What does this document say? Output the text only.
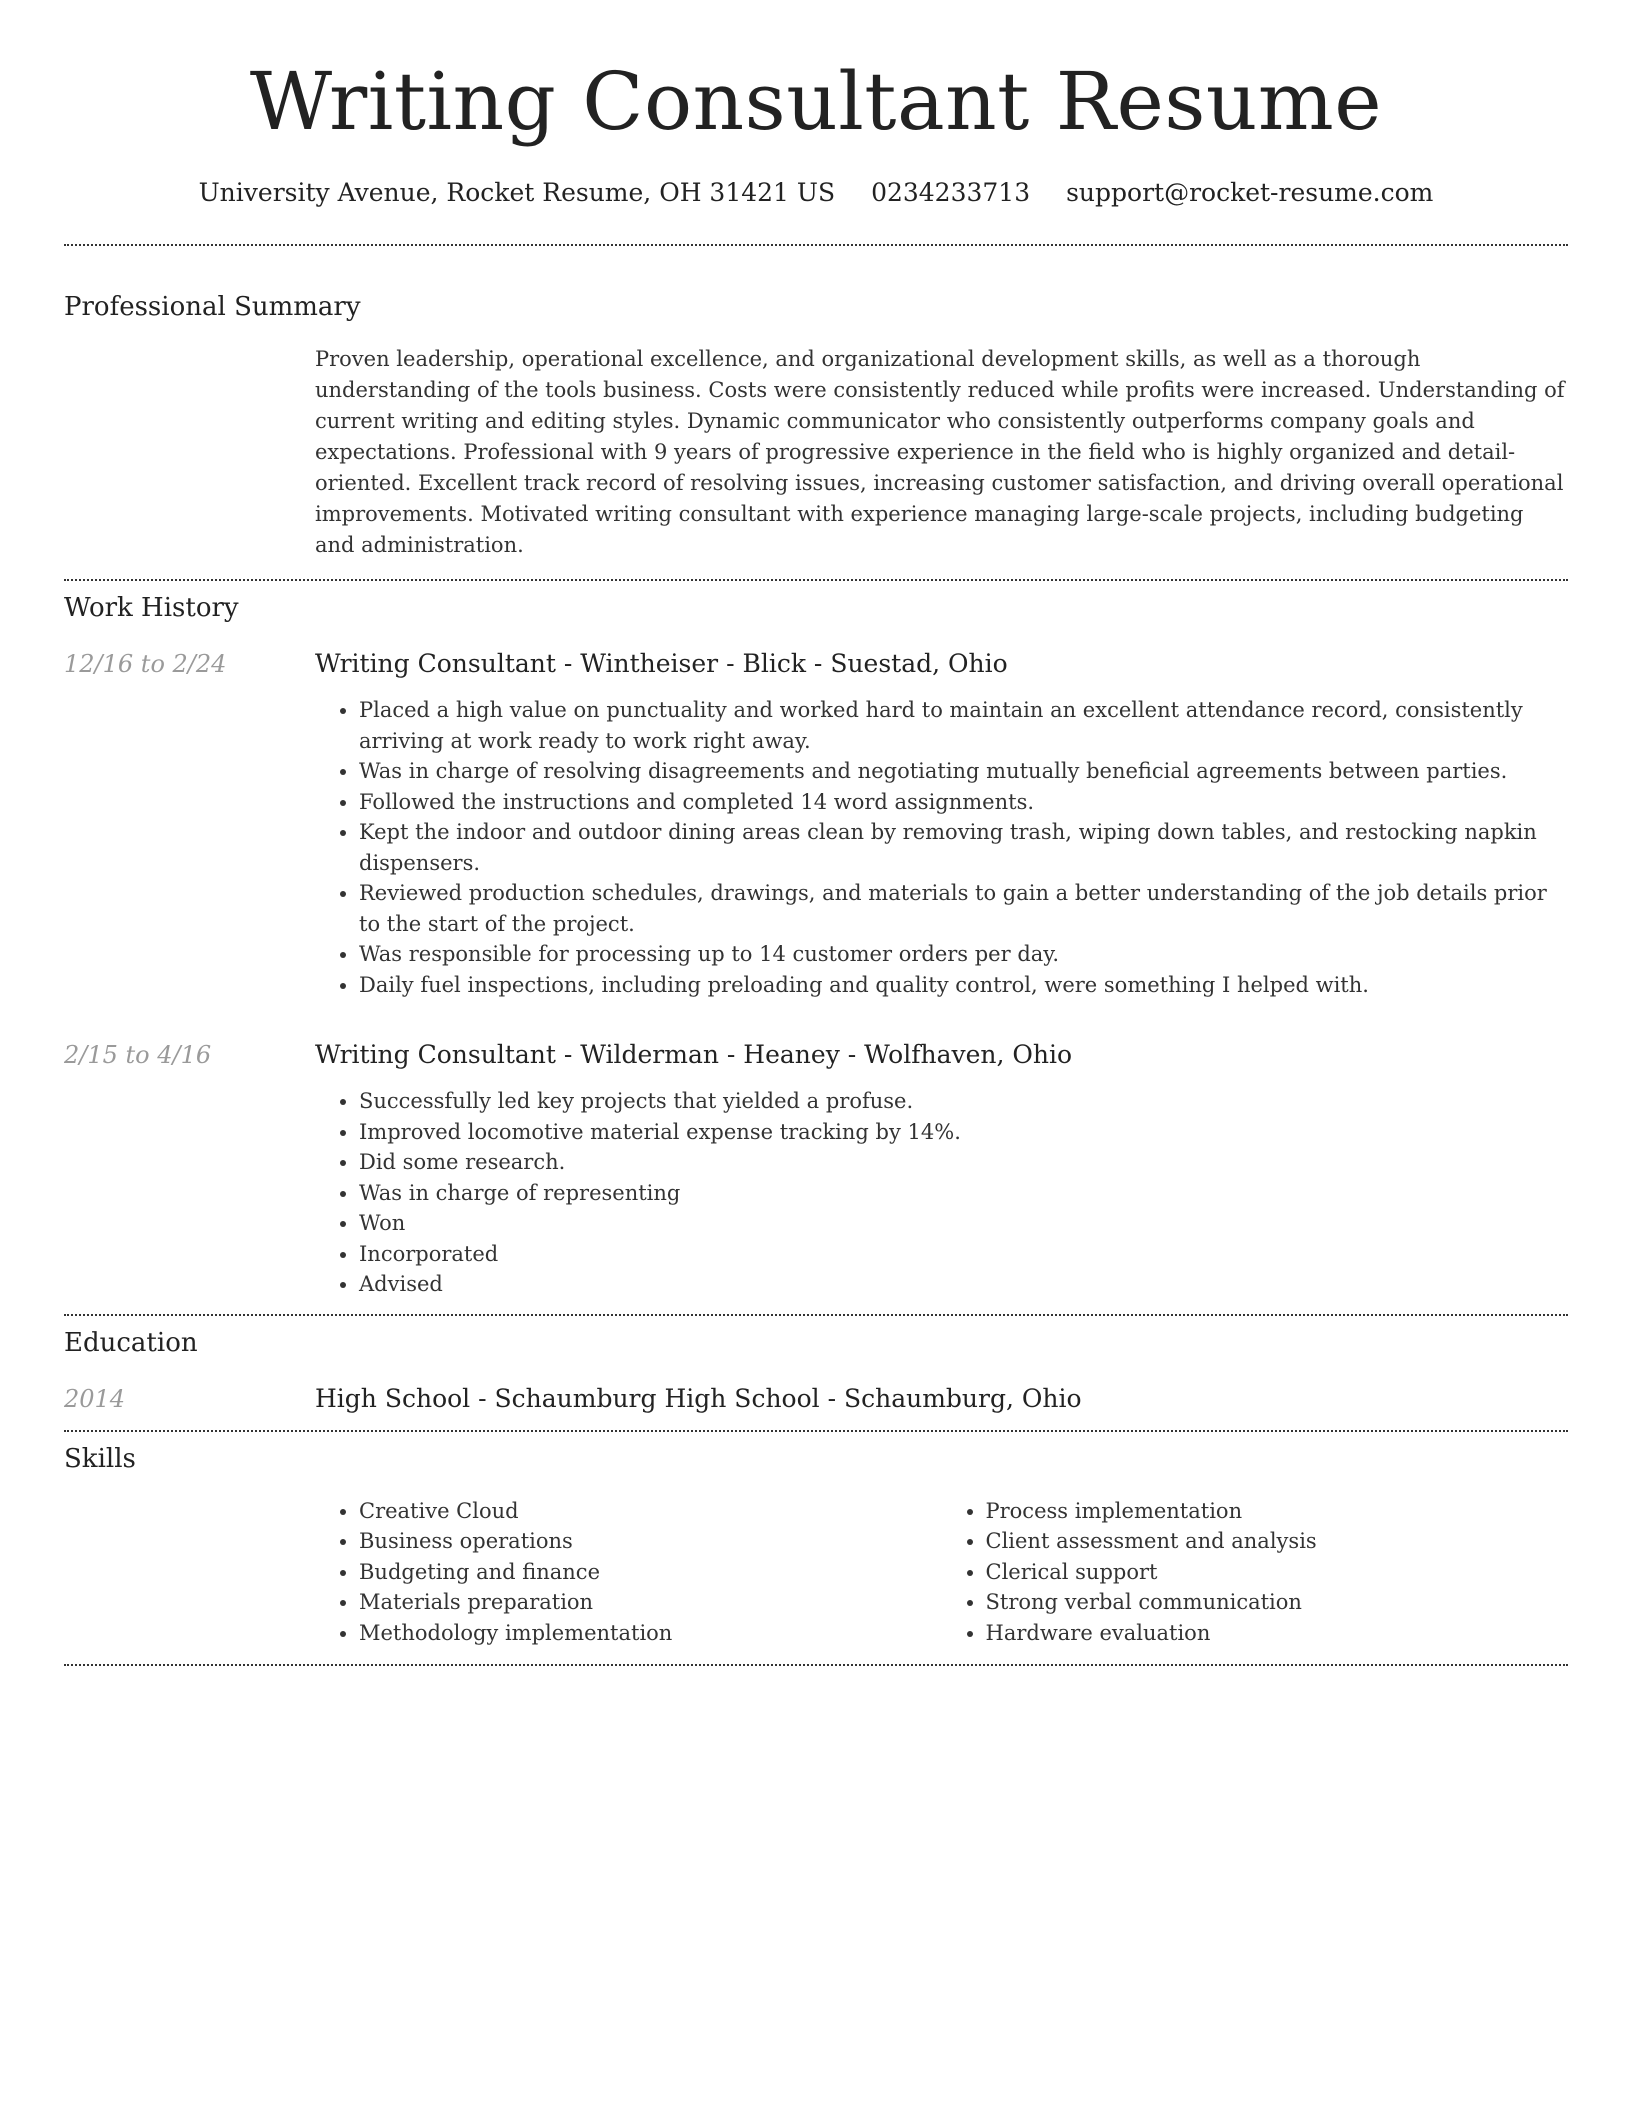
Writing Consultant Resume
University Avenue, Rocket Resume, OH 31421 US 0234233713 support@rocket-resume.com
Professional Summary

Proven leadership, operational excellence, and organizational development skills, as well as a thorough understanding of the tools business. Costs were consistently reduced while profits were increased. Understanding of current writing and editing styles. Dynamic communicator who consistently outperforms company goals and expectations. Professional with 9 years of progressive experience in the field who is highly organized and detail-oriented. Excellent track record of resolving issues, increasing customer satisfaction, and driving overall operational improvements. Motivated writing consultant with experience managing large-scale projects, including budgeting and administration.

Work History
12/16 to 2/24	Writing Consultant - Wintheiser - Blick - Suestad, Ohio
• Placed a high value on punctuality and worked hard to maintain an excellent attendance record, consistently arriving at work ready to work right away.
• Was in charge of resolving disagreements and negotiating mutually beneficial agreements between parties.
• Followed the instructions and completed 14 word assignments.
• Kept the indoor and outdoor dining areas clean by removing trash, wiping down tables, and restocking napkin dispensers.
• Reviewed production schedules, drawings, and materials to gain a better understanding of the job details prior to the start of the project.
• Was responsible for processing up to 14 customer orders per day.
• Daily fuel inspections, including preloading and quality control, were something I helped with.
2/15 to 4/16	Writing Consultant - Wilderman - Heaney - Wolfhaven, Ohio
• Successfully led key projects that yielded a profuse.
• Improved locomotive material expense tracking by 14%.
• Did some research.
• Was in charge of representing
• Won
• Incorporated
• Advised
Education
2014	High School - Schaumburg High School - Schaumburg, Ohio
Skills
• Creative Cloud
• Business operations
• Budgeting and finance
• Materials preparation
• Methodology implementation
• Process implementation
• Client assessment and analysis
• Clerical support
• Strong verbal communication
• Hardware evaluation
